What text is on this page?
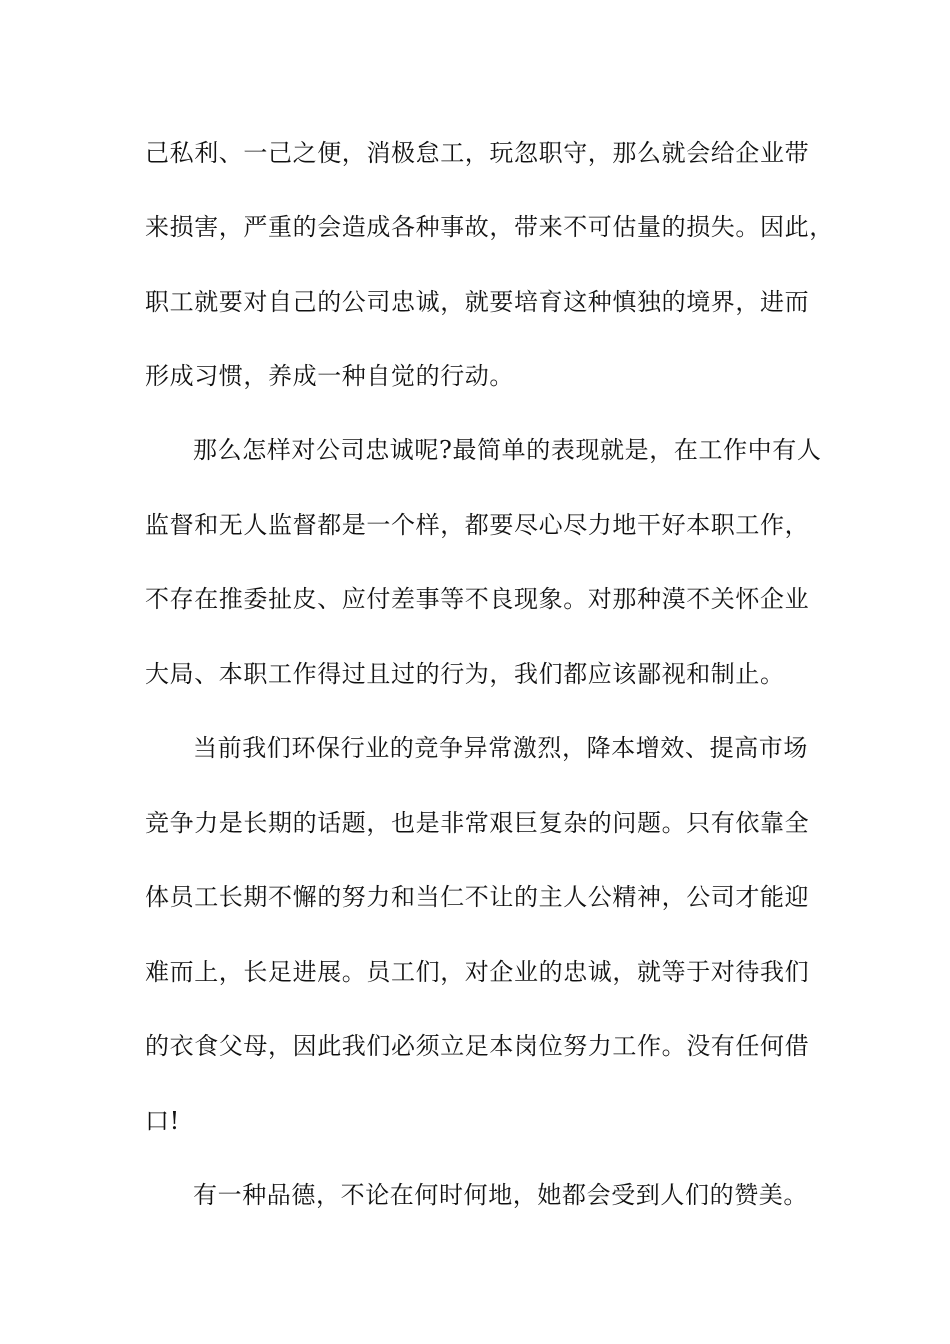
己私利、一己之便，消极怠工，玩忽职守，那么就会给企业带
来损害，严重的会造成各种事故，带来不可估量的损失。因此，
职工就要对自己的公司忠诚，就要培育这种慎独的境界，进而
形成习惯，养成一种自觉的行动。
那么怎样对公司忠诚呢?最简单的表现就是，在工作中有人
监督和无人监督都是一个样，都要尽心尽力地干好本职工作，
不存在推委扯皮、应付差事等不良现象。对那种漠不关怀企业
大局、本职工作得过且过的行为，我们都应该鄙视和制止。
当前我们环保行业的竞争异常激烈，降本增效、提高市场
竞争力是长期的话题，也是非常艰巨复杂的问题。只有依靠全
体员工长期不懈的努力和当仁不让的主人公精神，公司才能迎
难而上，长足进展。员工们，对企业的忠诚，就等于对待我们
的衣食父母，因此我们必须立足本岗位努力工作。没有任何借
口!
有一种品德，不论在何时何地，她都会受到人们的赞美。
